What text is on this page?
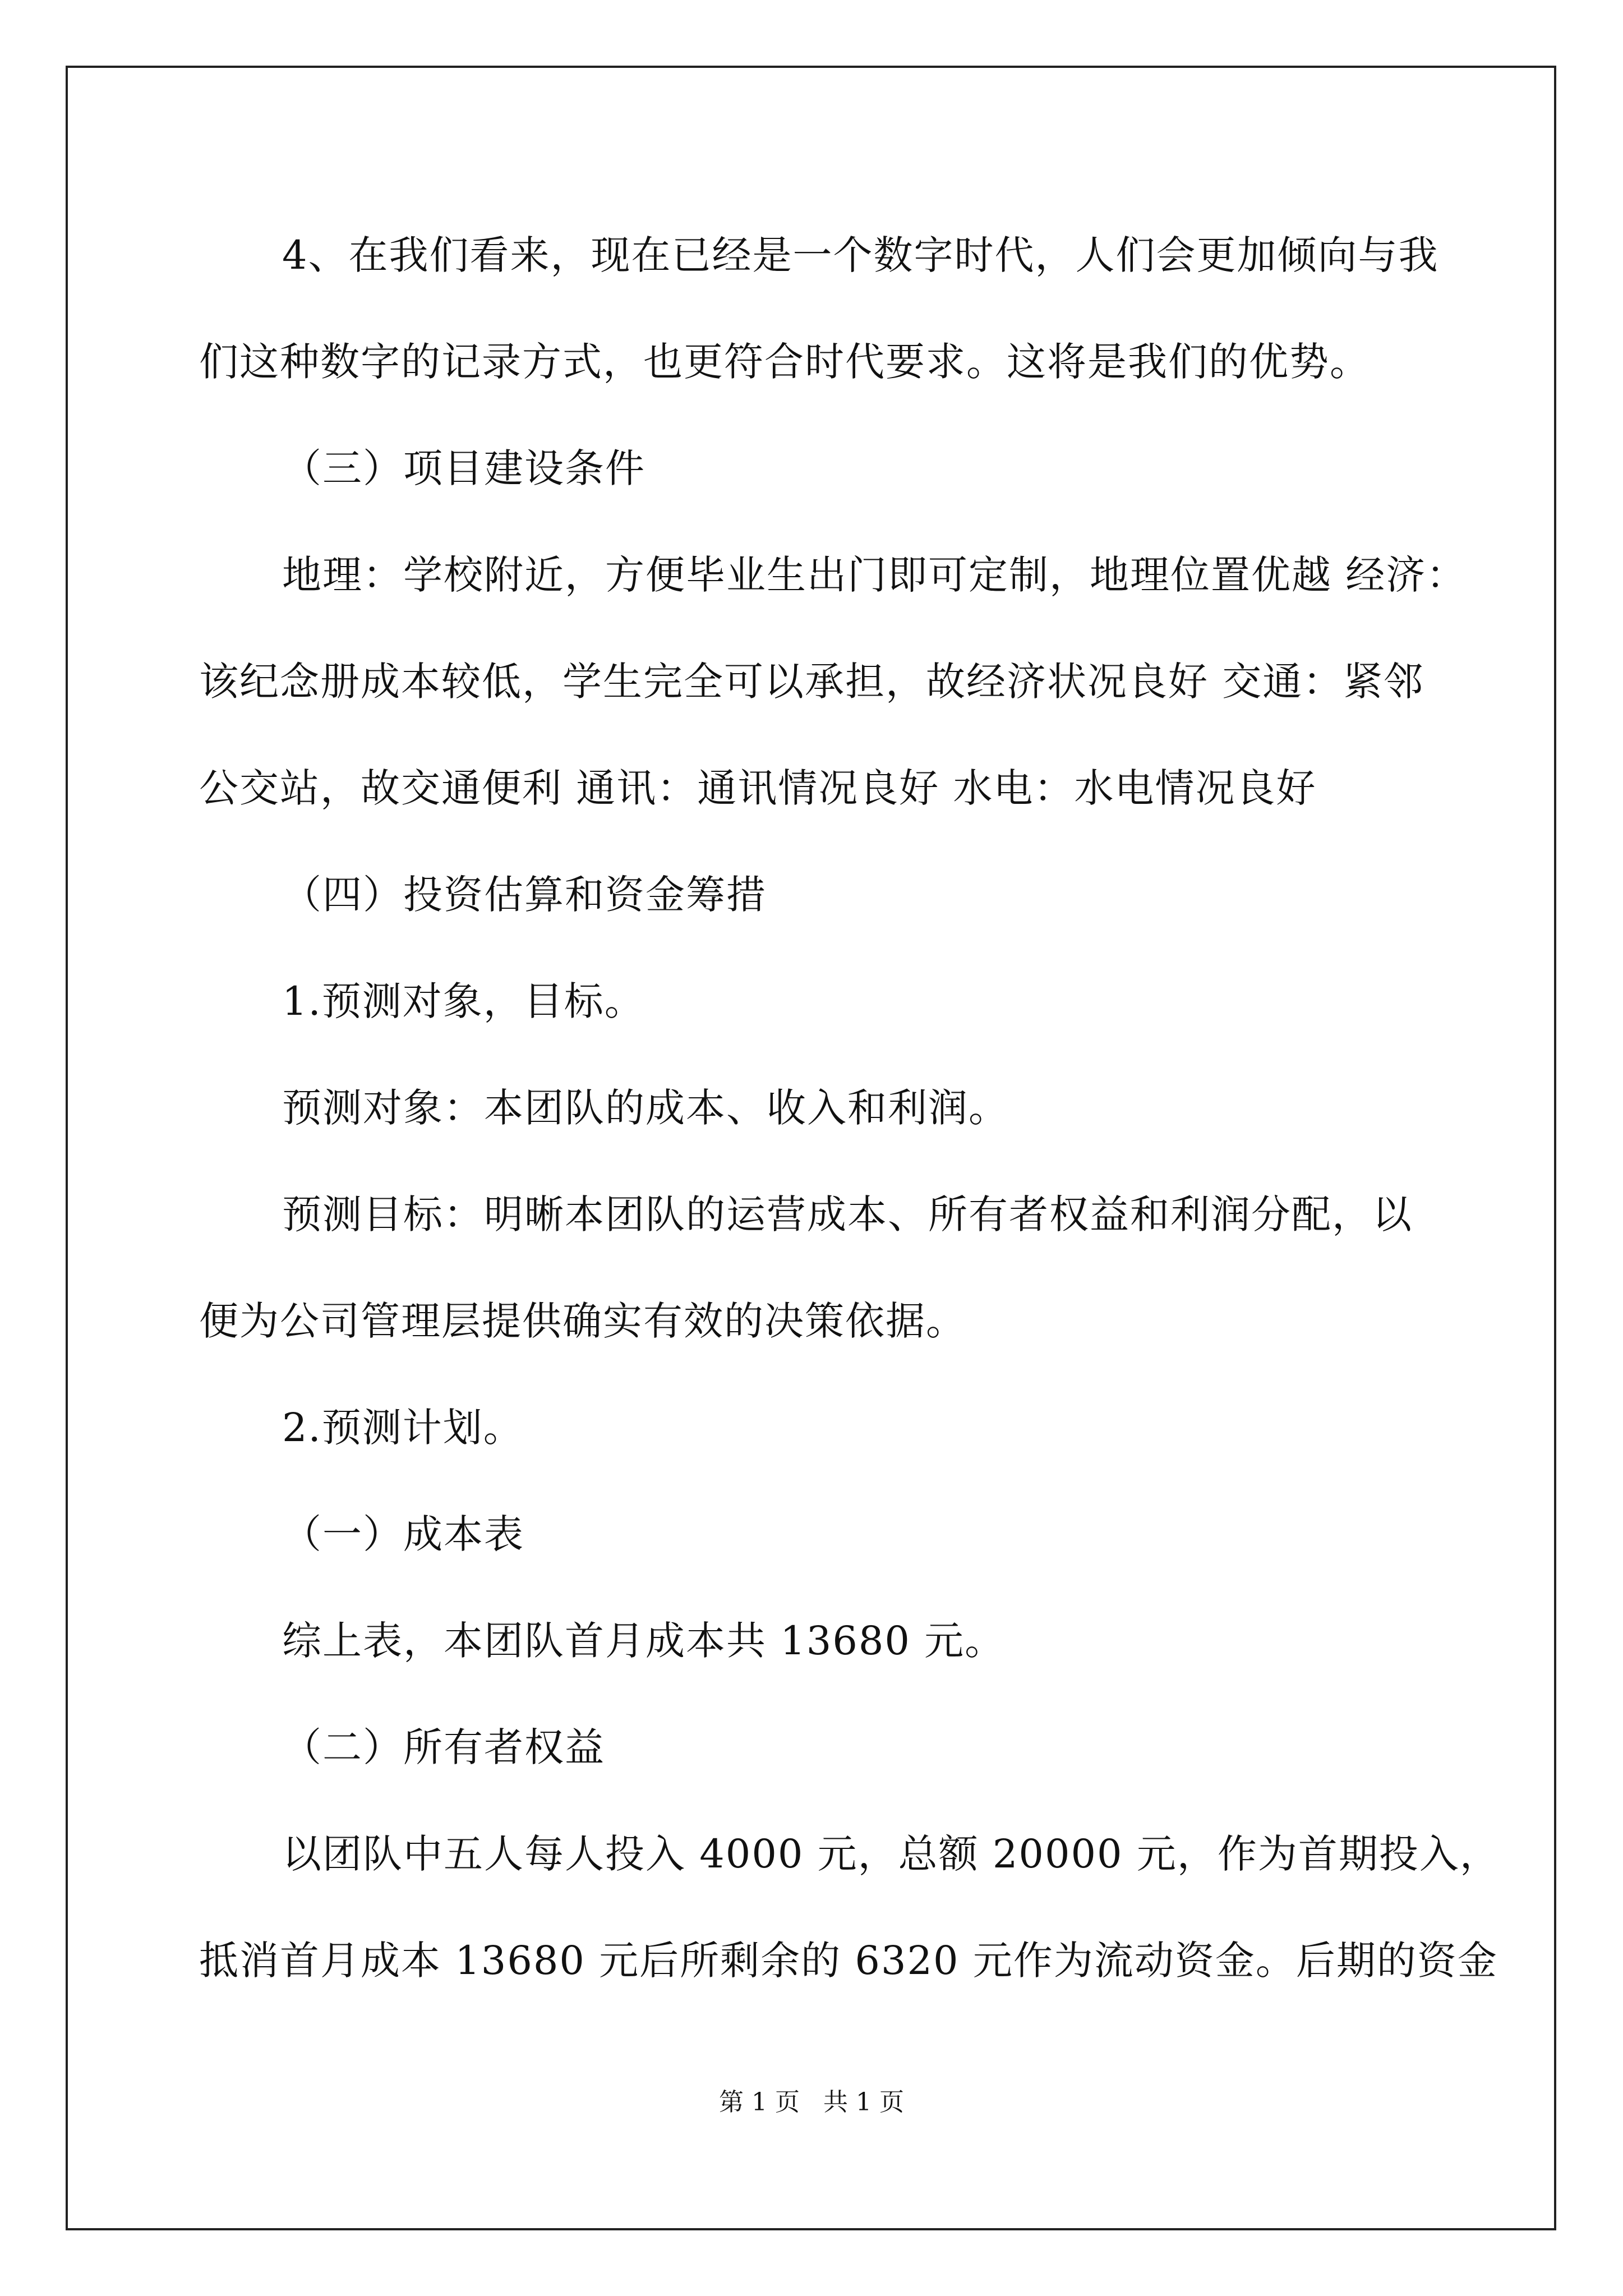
4、在我们看来，现在已经是一个数字时代，人们会更加倾向与我
们这种数字的记录方式，也更符合时代要求。这将是我们的优势。
（三）项目建设条件
地理：学校附近，方便毕业生出门即可定制，地理位置优越 经济：
该纪念册成本较低，学生完全可以承担，故经济状况良好 交通：紧邻
公交站，故交通便利 通讯：通讯情况良好 水电：水电情况良好
（四）投资估算和资金筹措
1.预测对象，目标。
预测对象：本团队的成本、收入和利润。
预测目标：明晰本团队的运营成本、所有者权益和利润分配，以
便为公司管理层提供确实有效的决策依据。
2.预测计划。
（一）成本表
综上表，本团队首月成本共 13680 元。
（二）所有者权益
以团队中五人每人投入 4000 元，总额 20000 元，作为首期投入，
抵消首月成本 13680 元后所剩余的 6320 元作为流动资金。后期的资金
第 1 页 共 1 页
